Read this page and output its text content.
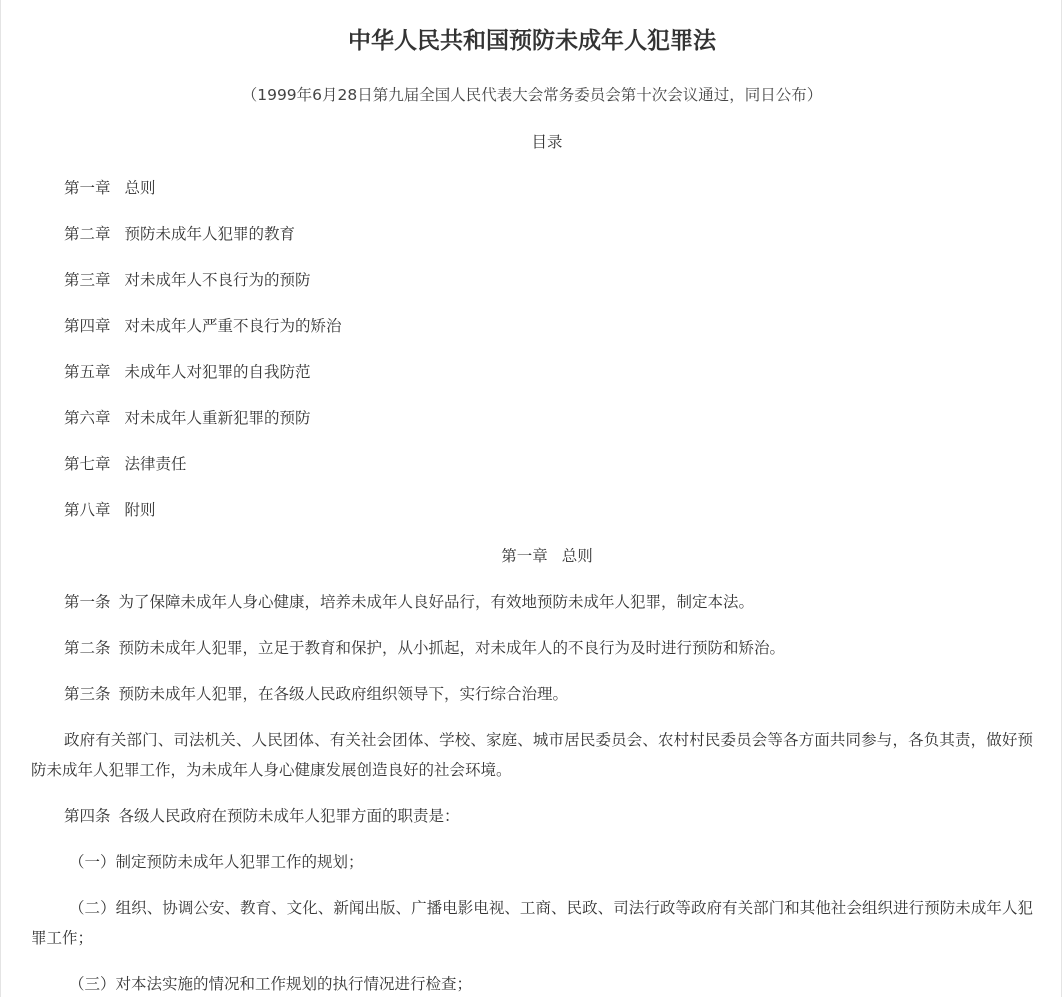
中华人民共和国预防未成年人犯罪法
（1999年6月28日第九届全国人民代表大会常务委员会第十次会议通过，同日公布）
目录
第一章 总则
第二章 预防未成年人犯罪的教育
第三章 对未成年人不良行为的预防
第四章 对未成年人严重不良行为的矫治
第五章 未成年人对犯罪的自我防范
第六章 对未成年人重新犯罪的预防
第七章 法律责任
第八章 附则
第一章 总则
第一条 为了保障未成年人身心健康，培养未成年人良好品行，有效地预防未成年人犯罪，制定本法。
第二条 预防未成年人犯罪，立足于教育和保护，从小抓起，对未成年人的不良行为及时进行预防和矫治。
第三条 预防未成年人犯罪，在各级人民政府组织领导下，实行综合治理。
政府有关部门、司法机关、人民团体、有关社会团体、学校、家庭、城市居民委员会、农村村民委员会等各方面共同参与，各负其责，做好预防未成年人犯罪工作，为未成年人身心健康发展创造良好的社会环境。
第四条 各级人民政府在预防未成年人犯罪方面的职责是：
（一）制定预防未成年人犯罪工作的规划；
（二）组织、协调公安、教育、文化、新闻出版、广播电影电视、工商、民政、司法行政等政府有关部门和其他社会组织进行预防未成年人犯罪工作；
（三）对本法实施的情况和工作规划的执行情况进行检查；
